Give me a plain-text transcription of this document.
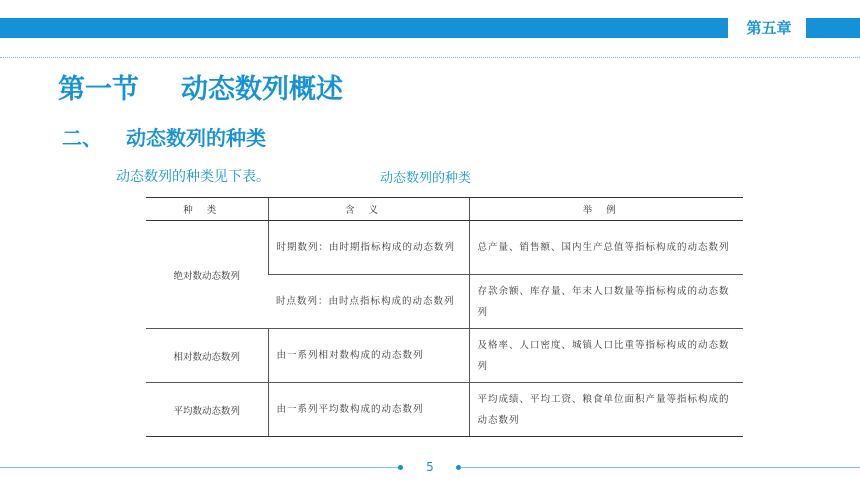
第五章
第一节 动态数列概述
二、 动态数列的种类
动态数列的种类见下表。	动态数列的种类
种类	含义	举例
绝对数动态数列	时期数列：由时期指标构成的动态数列	总产量、销售额、国内生产总值等指标构成的动态数列
	时点数列：由时点指标构成的动态数列	存款余额、库存量、年末人口数量等指标构成的动态数列
相对数动态数列	由一系列相对数构成的动态数列	及格率、人口密度、城镇人口比重等指标构成的动态数列
平均数动态数列	由一系列平均数构成的动态数列	平均成绩、平均工资、粮食单位面积产量等指标构成的动态数列
5
